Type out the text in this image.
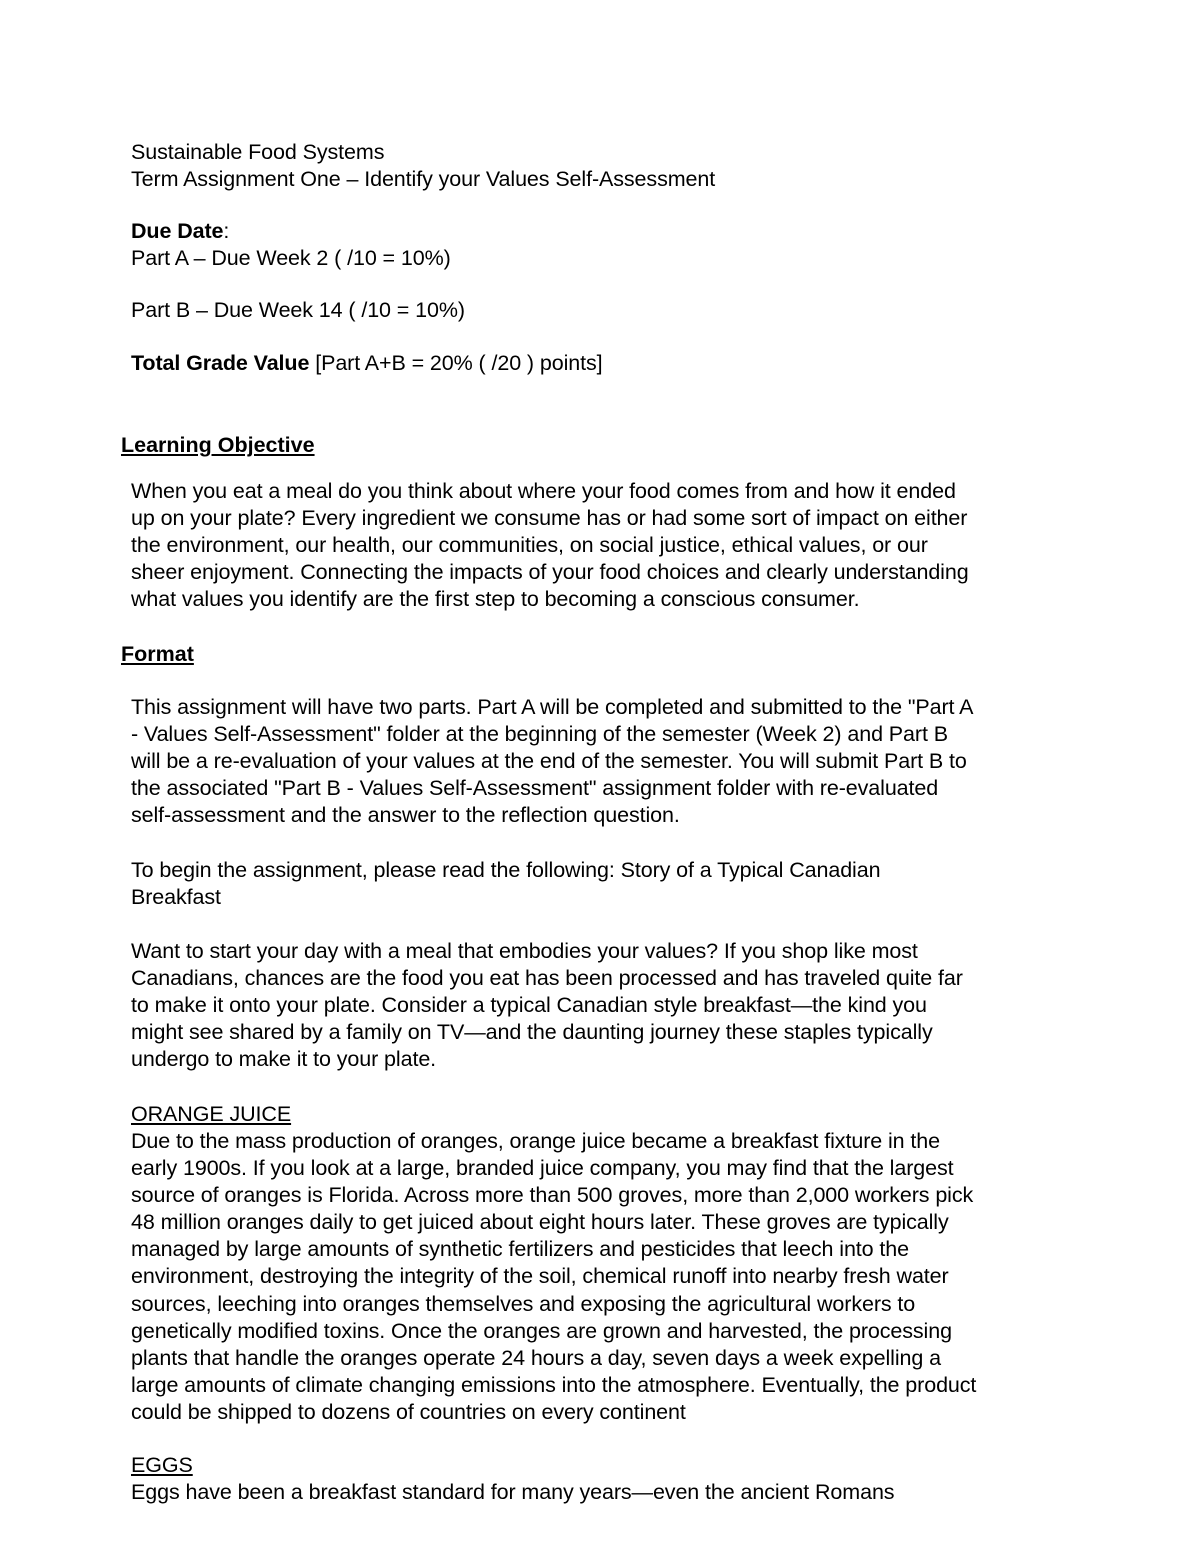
Sustainable Food Systems
Term Assignment One – Identify your Values Self-Assessment
Due Date:
Part A – Due Week 2 ( /10 = 10%)
Part B – Due Week 14 ( /10 = 10%)
Total Grade Value [Part A+B = 20% ( /20 ) points]
Learning Objective
When you eat a meal do you think about where your food comes from and how it ended
up on your plate? Every ingredient we consume has or had some sort of impact on either
the environment, our health, our communities, on social justice, ethical values, or our
sheer enjoyment. Connecting the impacts of your food choices and clearly understanding
what values you identify are the first step to becoming a conscious consumer.
Format
This assignment will have two parts. Part A will be completed and submitted to the "Part A
- Values Self-Assessment" folder at the beginning of the semester (Week 2) and Part B
will be a re-evaluation of your values at the end of the semester. You will submit Part B to
the associated "Part B - Values Self-Assessment" assignment folder with re-evaluated
self-assessment and the answer to the reflection question.
To begin the assignment, please read the following: Story of a Typical Canadian
Breakfast
Want to start your day with a meal that embodies your values? If you shop like most
Canadians, chances are the food you eat has been processed and has traveled quite far
to make it onto your plate. Consider a typical Canadian style breakfast—the kind you
might see shared by a family on TV—and the daunting journey these staples typically
undergo to make it to your plate.
ORANGE JUICE
Due to the mass production of oranges, orange juice became a breakfast fixture in the
early 1900s. If you look at a large, branded juice company, you may find that the largest
source of oranges is Florida. Across more than 500 groves, more than 2,000 workers pick
48 million oranges daily to get juiced about eight hours later. These groves are typically
managed by large amounts of synthetic fertilizers and pesticides that leech into the
environment, destroying the integrity of the soil, chemical runoff into nearby fresh water
sources, leeching into oranges themselves and exposing the agricultural workers to
genetically modified toxins. Once the oranges are grown and harvested, the processing
plants that handle the oranges operate 24 hours a day, seven days a week expelling a
large amounts of climate changing emissions into the atmosphere. Eventually, the product
could be shipped to dozens of countries on every continent
EGGS
Eggs have been a breakfast standard for many years—even the ancient Romans
